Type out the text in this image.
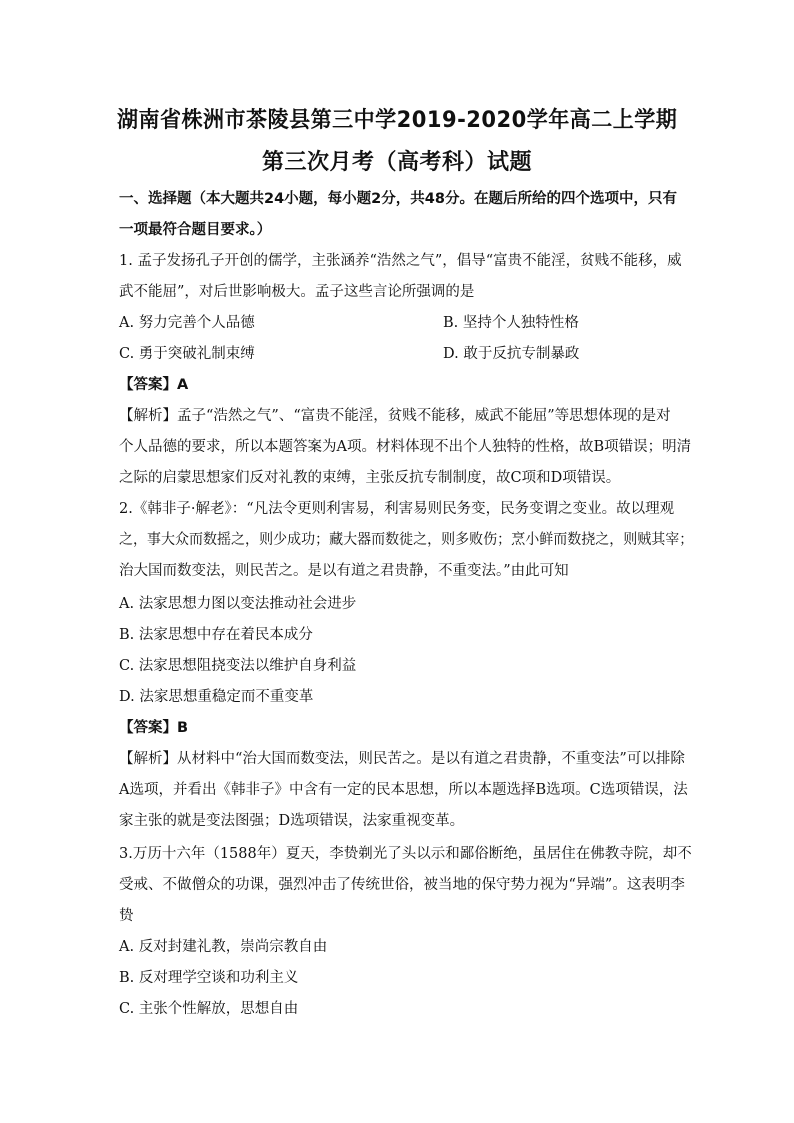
湖南省株洲市茶陵县第三中学2019-2020学年高二上学期
第三次月考（高考科）试题
一、选择题（本大题共24小题，每小题2分，共48分。在题后所给的四个选项中，只有
一项最符合题目要求。）
1. 孟子发扬孔子开创的儒学，主张涵养“浩然之气”，倡导“富贵不能淫，贫贱不能移，威
武不能屈”，对后世影响极大。孟子这些言论所强调的是
A. 努力完善个人品德	B. 坚持个人独特性格
C. 勇于突破礼制束缚	D. 敢于反抗专制暴政
【答案】A
【解析】孟子“浩然之气”、“富贵不能淫，贫贱不能移，威武不能屈”等思想体现的是对
个人品德的要求，所以本题答案为A项。材料体现不出个人独特的性格，故B项错误；明清
之际的启蒙思想家们反对礼教的束缚，主张反抗专制制度，故C项和D项错误。
2.《韩非子·解老》：“凡法令更则利害易，利害易则民务变，民务变谓之变业。故以理观
之，事大众而数摇之，则少成功；藏大器而数徙之，则多败伤；烹小鲜而数挠之，则贼其宰；
治大国而数变法，则民苦之。是以有道之君贵静，不重变法。”由此可知
A. 法家思想力图以变法推动社会进步
B. 法家思想中存在着民本成分
C. 法家思想阻挠变法以维护自身利益
D. 法家思想重稳定而不重变革
【答案】B
【解析】从材料中“治大国而数变法，则民苦之。是以有道之君贵静，不重变法”可以排除
A选项，并看出《韩非子》中含有一定的民本思想，所以本题选择B选项。C选项错误，法
家主张的就是变法图强；D选项错误，法家重视变革。
3.万历十六年（1588年）夏天，李贽剃光了头以示和鄙俗断绝，虽居住在佛教寺院，却不
受戒、不做僧众的功课，强烈冲击了传统世俗，被当地的保守势力视为“异端”。这表明李
贽
A. 反对封建礼教，崇尚宗教自由
B. 反对理学空谈和功利主义
C. 主张个性解放，思想自由
